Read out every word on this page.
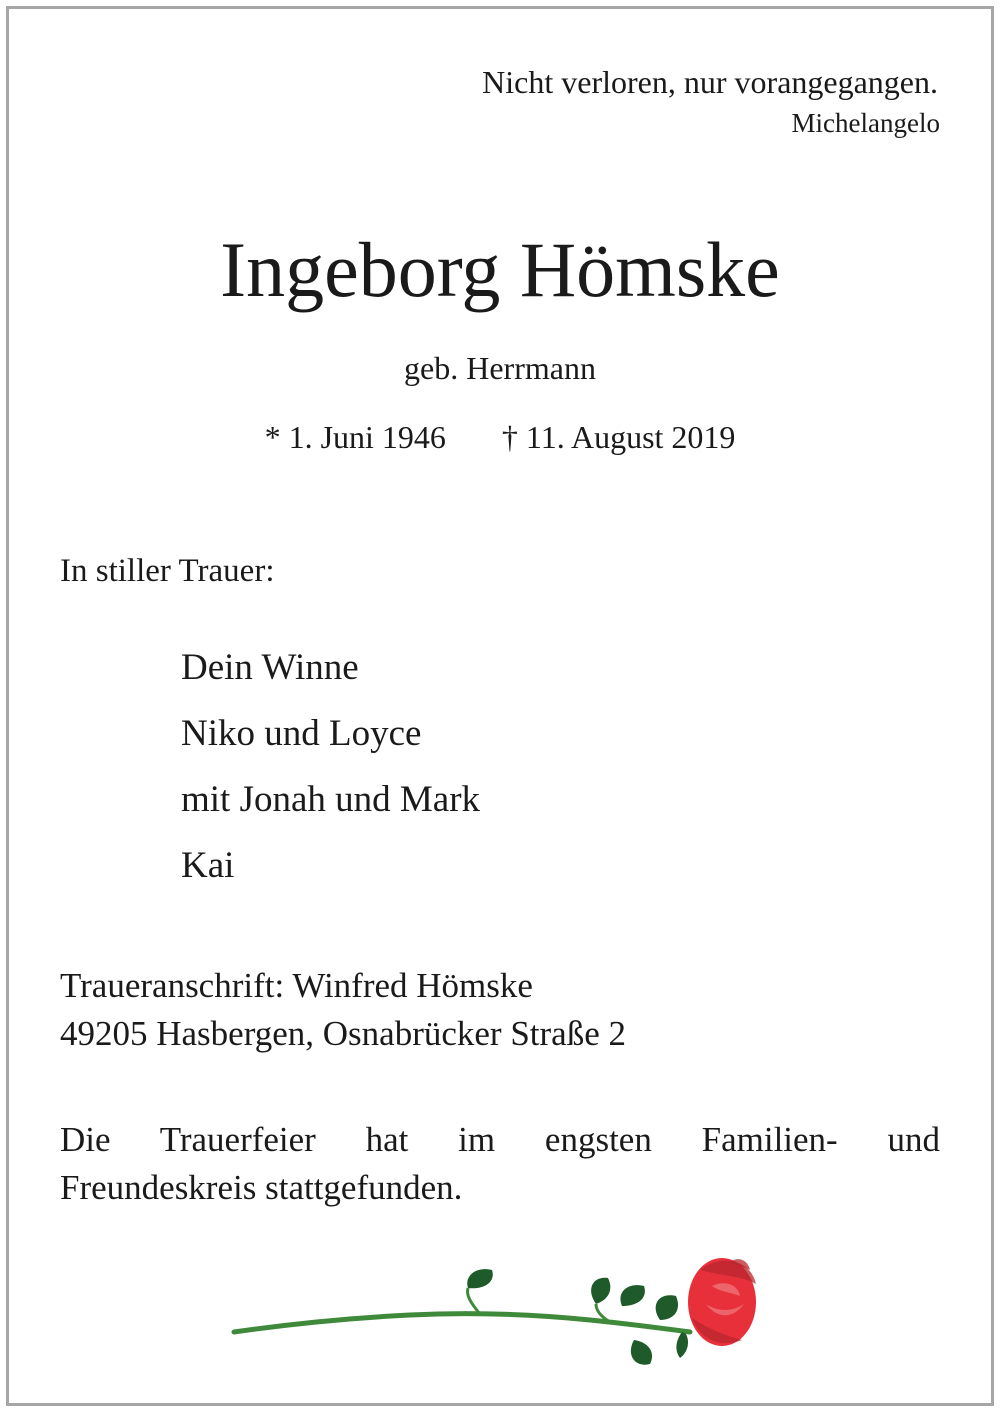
Nicht verloren, nur vorangegangen.
Michelangelo
Ingeborg Hömske
geb. Herrmann
* 1. Juni 1946 † 11. August 2019
In stiller Trauer:
Dein Winne
Niko und Loyce
mit Jonah und Mark
Kai
Traueranschrift: Winfred Hömske
49205 Hasbergen, Osnabrücker Straße 2
Die Trauerfeier hat im engsten Familien- und
Freundeskreis stattgefunden.
